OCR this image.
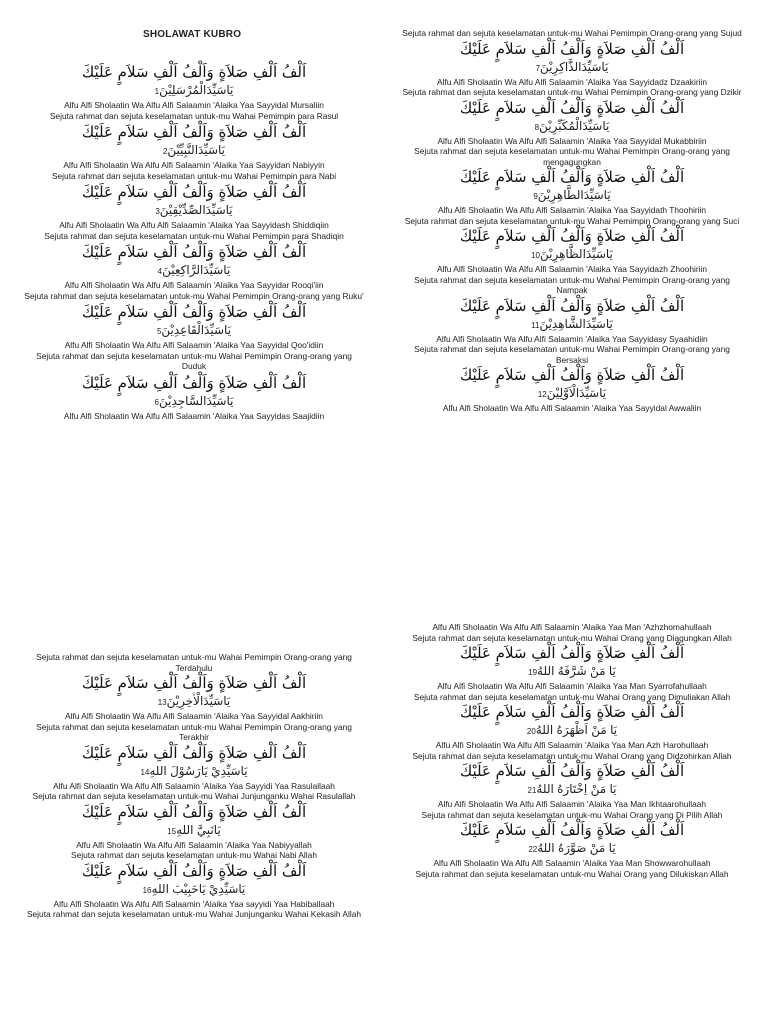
SHOLAWAT KUBRO

اَلْفُ اَلْفِ صَلاَةٍ وَاَلْفُ اَلْفِ سَلاَمٍ عَلَيْكَ

يَاسَيِّدَالْمُرْسَلِيْنَ1

Alfu Alfi Sholaatin Wa Alfu Alfi Salaamin 'Alaika Yaa Sayyidal Mursaliin

Sejuta rahmat dan sejuta keselamatan untuk-mu Wahai Pemimpin para Rasul

اَلْفُ اَلْفِ صَلاَةٍ وَاَلْفُ اَلْفِ سَلاَمٍ عَلَيْكَ

يَاسَيِّدَالنَّبِيِّيْنَ2

Alfu Alfi Sholaatin Wa Alfu Alfi Salaamin 'Alaika Yaa Sayyidan Nabiyyin

Sejuta rahmat dan sejuta keselamatan untuk-mu Wahai Pemimpin para Nabi

اَلْفُ اَلْفِ صَلاَةٍ وَاَلْفُ اَلْفِ سَلاَمٍ عَلَيْكَ

يَاسَيِّدَالصِّدِّيْقِيْنَ3

Alfu Alfi Sholaatin Wa Alfu Alfi Salaamin 'Alaika Yaa Sayyidash Shiddiqiin

Sejuta rahmat dan sejuta keselamatan untuk-mu Wahai Pemimpin para Shadiqin

اَلْفُ اَلْفِ صَلاَةٍ وَاَلْفُ اَلْفِ سَلاَمٍ عَلَيْكَ

يَاسَيِّدَالرَّاكِعِيْنَ4

Alfu Alfi Sholaatin Wa Alfu Alfi Salaamin 'Alaika Yaa Sayyidar Rooqi'iin

Sejuta rahmat dan sejuta keselamatan untuk-mu Wahai Pemimpin Orang-orang yang Ruku'

اَلْفُ اَلْفِ صَلاَةٍ وَاَلْفُ اَلْفِ سَلاَمٍ عَلَيْكَ

يَاسَيِّدَالْقَاعِدِيْنَ5

Alfu Alfi Sholaatin Wa Alfu Alfi Salaamin 'Alaika Yaa Sayyidal Qoo'idiin

Sejuta rahmat dan sejuta keselamatan untuk-mu Wahai Pemimpin Orang-orang yang Duduk

اَلْفُ اَلْفِ صَلاَةٍ وَاَلْفُ اَلْفِ سَلاَمٍ عَلَيْكَ

يَاسَيِّدَالسَّاجِدِيْنَ6

Alfu Alfi Sholaatin Wa Alfu Alfi Salaamin 'Alaika Yaa Sayyidas Saajidiin

Sejuta rahmat dan sejuta keselamatan untuk-mu Wahai Pemimpin Orang-orang yang Sujud

اَلْفُ اَلْفِ صَلاَةٍ وَاَلْفُ اَلْفِ سَلاَمٍ عَلَيْكَ

يَاسَيِّدَالذَّاكِرِيْنَ7

Alfu Alfi Sholaatin Wa Alfu Alfi Salaamin 'Alaika Yaa Sayyidadz Dzaakiriin

Sejuta rahmat dan sejuta keselamatan untuk-mu Wahai Pemimpin Orang-orang yang Dzikir

اَلْفُ اَلْفِ صَلاَةٍ وَاَلْفُ اَلْفِ سَلاَمٍ عَلَيْكَ

يَاسَيِّدَالْمُكَبِّرِيْنَ8

Alfu Alfi Sholaatin Wa Alfu Alfi Salaamin 'Alaika Yaa Sayyidal Mukabbiriin

Sejuta rahmat dan sejuta keselamatan untuk-mu Wahai Pemimpin Orang-orang yang mengagungkan

اَلْفُ اَلْفِ صَلاَةٍ وَاَلْفُ اَلْفِ سَلاَمٍ عَلَيْكَ

يَاسَيِّدَالطَّاهِرِيْنَ9

Alfu Alfi Sholaatin Wa Alfu Alfi Salaamin 'Alaika Yaa Sayyidath Thoohiriin

Sejuta rahmat dan sejuta keselamatan untuk-mu Wahai Pemimpin Orang-orang yang Suci

اَلْفُ اَلْفِ صَلاَةٍ وَاَلْفُ اَلْفِ سَلاَمٍ عَلَيْكَ

يَاسَيِّدَالظَّاهِرِيْنَ10

Alfu Alfi Sholaatin Wa Alfu Alfi Salaamin 'Alaika Yaa Sayyidazh Zhoohiriin

Sejuta rahmat dan sejuta keselamatan untuk-mu Wahai Pemimpin Orang-orang yang Nampak

اَلْفُ اَلْفِ صَلاَةٍ وَاَلْفُ اَلْفِ سَلاَمٍ عَلَيْكَ

يَاسَيِّدَالشَّاهِدِيْنَ11

Alfu Alfi Sholaatin Wa Alfu Alfi Salaamin 'Alaika Yaa Sayyidasy Syaahidiin

Sejuta rahmat dan sejuta keselamatan untuk-mu Wahai Pemimpin Orang-orang yang Bersaksi

اَلْفُ اَلْفِ صَلاَةٍ وَاَلْفُ اَلْفِ سَلاَمٍ عَلَيْكَ

يَاسَيِّدَالْاَوَّلِيْنَ12

Alfu Alfi Sholaatin Wa Alfu Alfi Salaamin 'Alaika Yaa Sayyidal Awwaliin

Sejuta rahmat dan sejuta keselamatan untuk-mu Wahai Pemimpin Orang-orang yang Terdahulu

اَلْفُ اَلْفِ صَلاَةٍ وَاَلْفُ اَلْفِ سَلاَمٍ عَلَيْكَ

يَاسَيِّدَالْاٰخِرِيْنَ13

Alfu Alfi Sholaatin Wa Alfu Alfi Salaamin 'Alaika Yaa Sayyidal Aakhiriin

Sejuta rahmat dan sejuta keselamatan untuk-mu Wahai Pemimpin Orang-orang yang Terakhir

اَلْفُ اَلْفِ صَلاَةٍ وَاَلْفُ اَلْفِ سَلاَمٍ عَلَيْكَ

يَاسَيِّدِيْ يَارَسُوْلَ اللهِ14

Alfu Alfi Sholaatin Wa Alfu Alfi Salaamin 'Alaika Yaa Sayyidi Yaa Rasulallaah

Sejuta rahmat dan sejuta keselamatan untuk-mu Wahai Junjunganku Wahai Rasulallah

اَلْفُ اَلْفِ صَلاَةٍ وَاَلْفُ اَلْفِ سَلاَمٍ عَلَيْكَ

يَانَبِيَّ اللهِ15

Alfu Alfi Sholaatin Wa Alfu Alfi Salaamin 'Alaika Yaa Nabiyyallah

Sejuta rahmat dan sejuta keselamatan untuk-mu Wahai Nabi Allah

اَلْفُ اَلْفِ صَلاَةٍ وَاَلْفُ اَلْفِ سَلاَمٍ عَلَيْكَ

يَاسَيِّدِيْ يَاحَبِيْبَ اللهِ16

Alfu Alfi Sholaatin Wa Alfu Alfi Salaamin 'Alaika Yaa sayyidi Yaa Habiballaah

Sejuta rahmat dan sejuta keselamatan untuk-mu Wahai Junjunganku Wahai Kekasih Allah

Alfu Alfi Sholaatin Wa Alfu Alfi Salaamin 'Alaika Yaa Man 'Azhzhomahullaah

Sejuta rahmat dan sejuta keselamatan untuk-mu Wahai Orang yang Diagungkan Allah

اَلْفُ اَلْفِ صَلاَةٍ وَاَلْفُ اَلْفِ سَلاَمٍ عَلَيْكَ

يَا مَنْ شَرَّفَهُ اللهُ19

Alfu Alfi Sholaatin Wa Alfu Alfi Salaamin 'Alaika Yaa Man Syarrofahullaah

Sejuta rahmat dan sejuta keselamatan untuk-mu Wahai Orang yang Dimuliakan Allah

اَلْفُ اَلْفِ صَلاَةٍ وَاَلْفُ اَلْفِ سَلاَمٍ عَلَيْكَ

يَا مَنْ اَظْهَرَهُ اللهُ20

Alfu Alfi Sholaatin Wa Alfu Alfi Salaamin 'Alaika Yaa Man Azh Harohullaah

Sejuta rahmat dan sejuta keselamatan untuk-mu Wahai Orang yang Didzohirkan Allah

اَلْفُ اَلْفِ صَلاَةٍ وَاَلْفُ اَلْفِ سَلاَمٍ عَلَيْكَ

يَا مَنْ اِخْتَارَهُ اللهُ21

Alfu Alfi Sholaatin Wa Alfu Alfi Salaamin 'Alaika Yaa Man Ikhtaarohullaah

Sejuta rahmat dan sejuta keselamatan untuk-mu Wahai Orang yang Di Pilih Allah

اَلْفُ اَلْفِ صَلاَةٍ وَاَلْفُ اَلْفِ سَلاَمٍ عَلَيْكَ

يَا مَنْ صَوَّرَهُ اللهُ22

Alfu Alfi Sholaatin Wa Alfu Alfi Salaamin 'Alaika Yaa Man Showwarohullaah

Sejuta rahmat dan sejuta keselamatan untuk-mu Wahai Orang yang Dilukiskan Allah
